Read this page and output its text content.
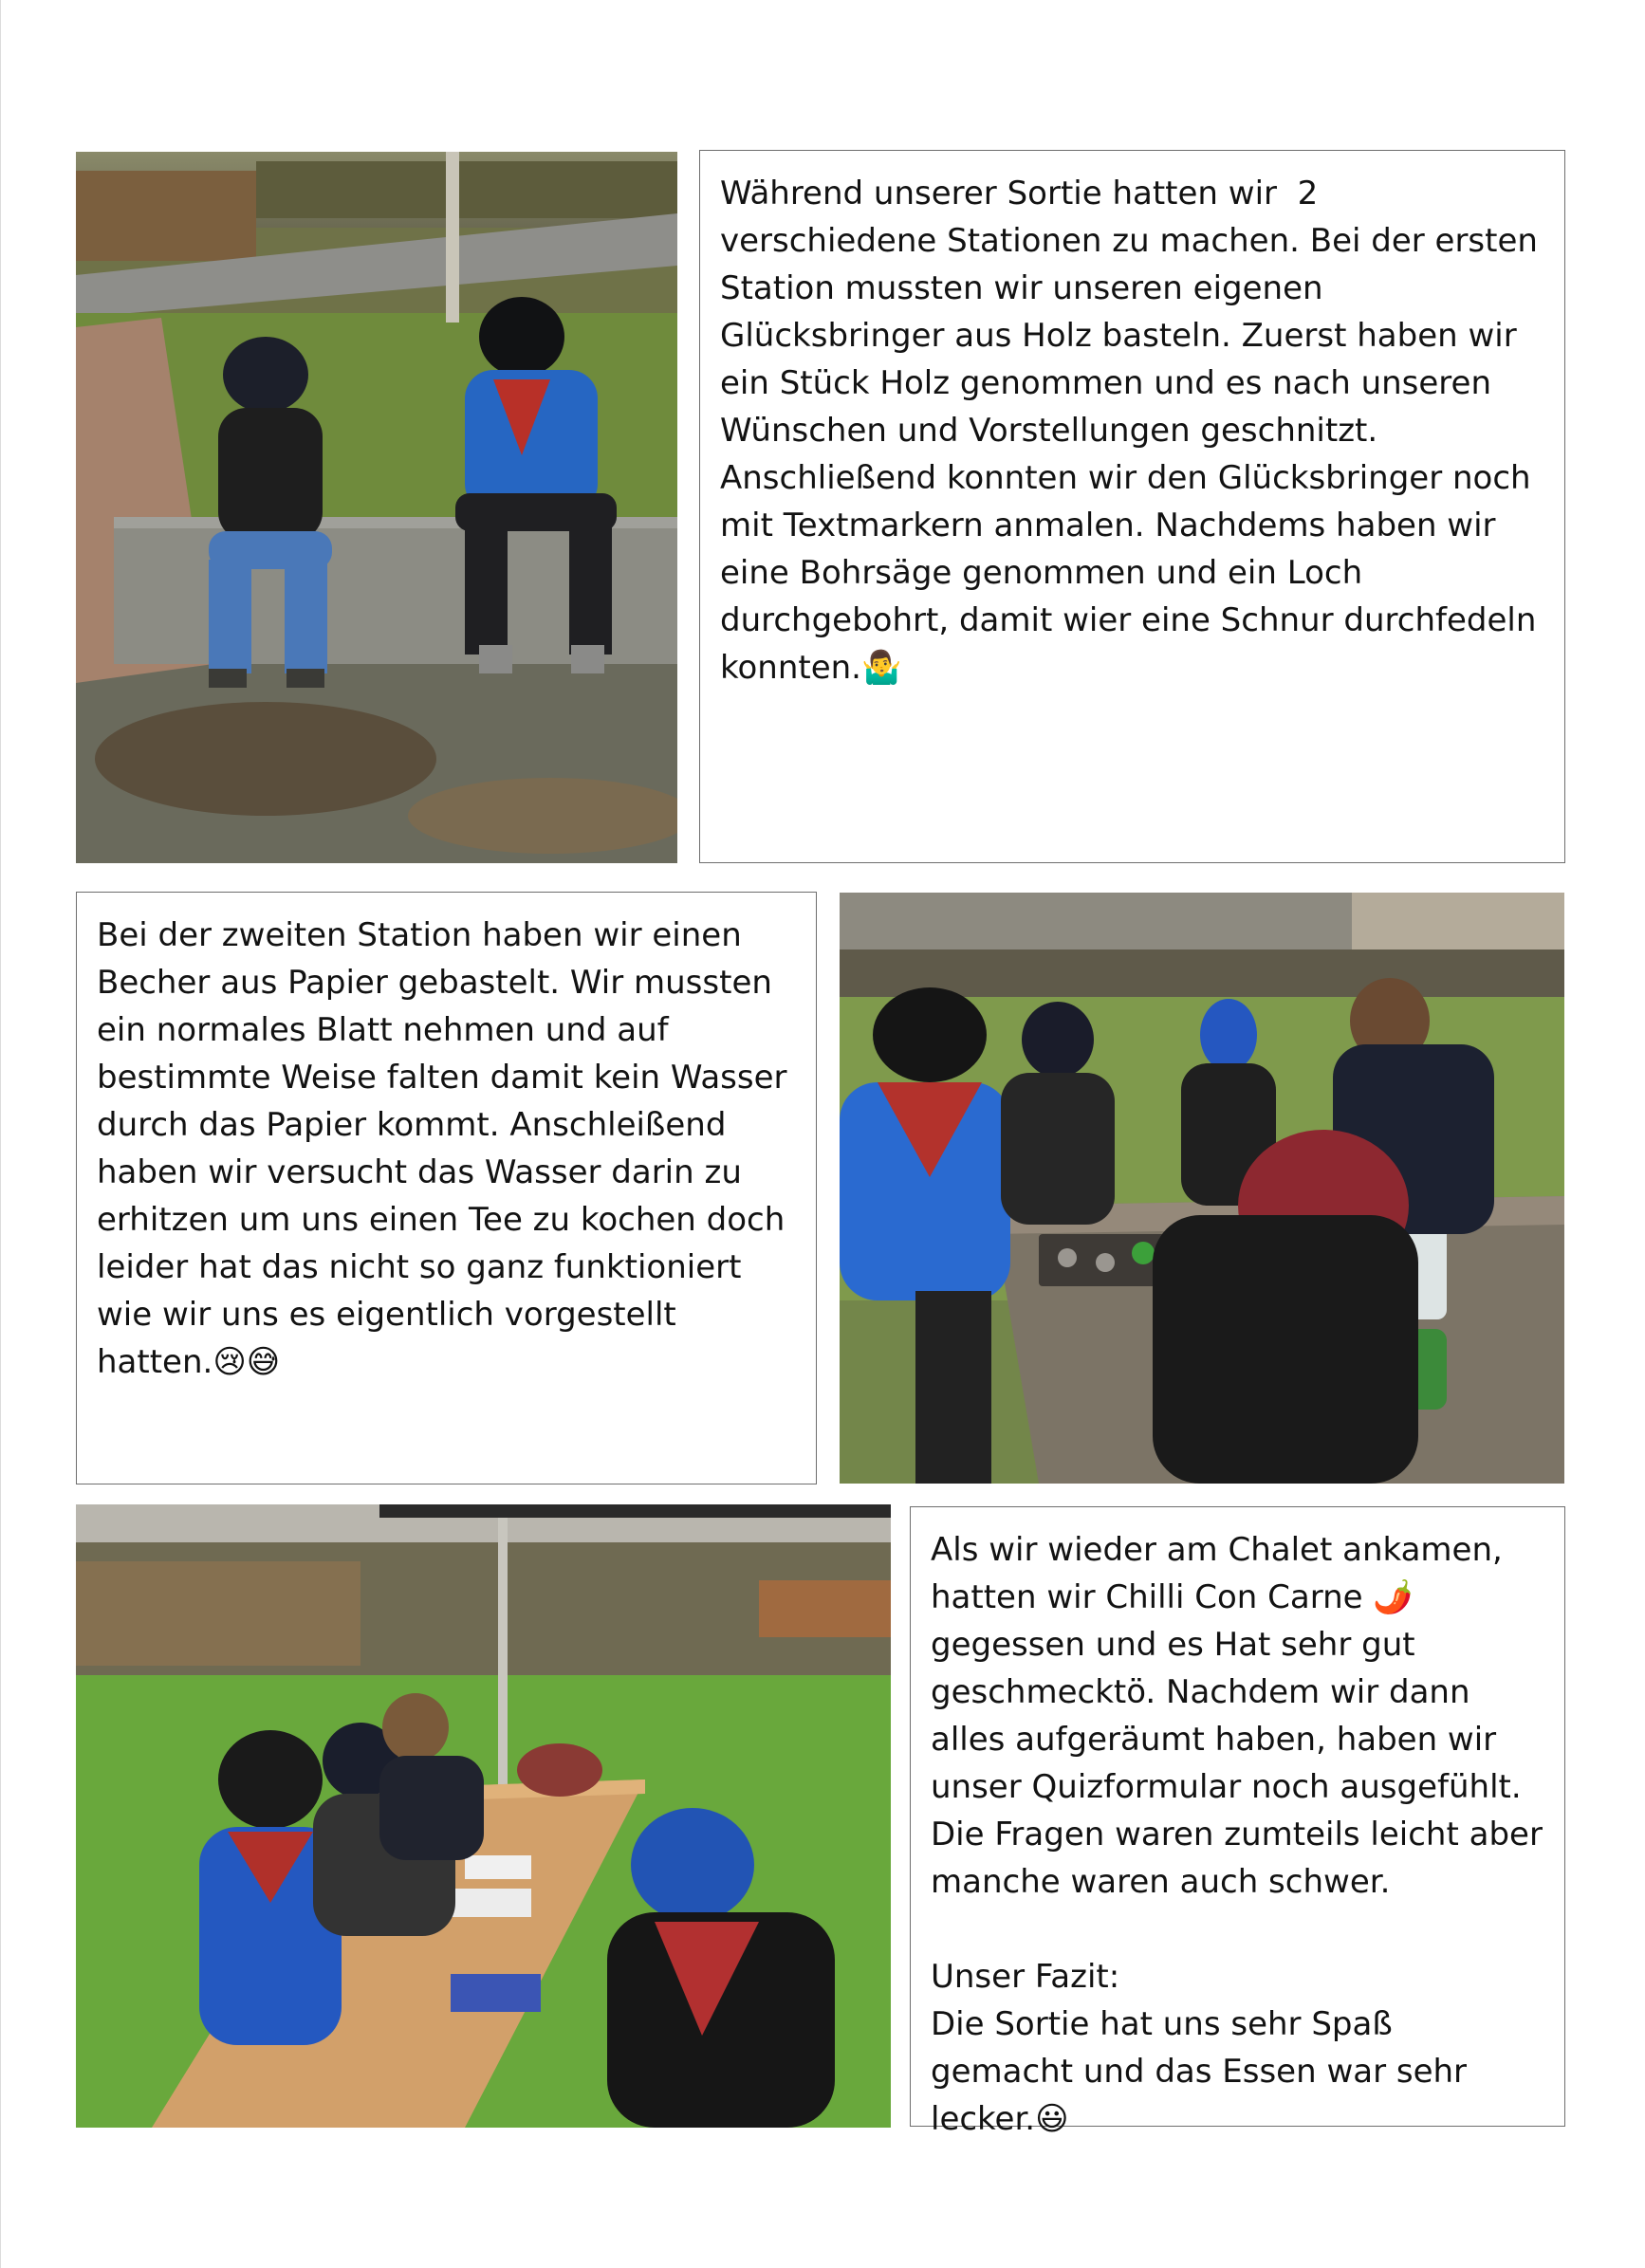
Während unserer Sortie hatten wir  2 verschiedene Stationen zu machen. Bei der ersten Station mussten wir unseren eigenen Glücksbringer aus Holz basteln. Zuerst haben wir ein Stück Holz genommen und es nach unseren Wünschen und Vorstellungen geschnitzt. Anschließend konnten wir den Glücksbringer noch mit Textmarkern anmalen. Nachdems haben wir eine Bohrsäge genommen und ein Loch durchgebohrt, damit wier eine Schnur durchfedeln konnten.🤷‍♂️

Bei der zweiten Station haben wir einen Becher aus Papier gebastelt. Wir mussten ein normales Blatt nehmen und auf bestimmte Weise falten damit kein Wasser durch das Papier kommt. Anschleißend haben wir versucht das Wasser darin zu erhitzen um uns einen Tee zu kochen doch leider hat das nicht so ganz funktioniert wie wir uns es eigentlich vorgestellt hatten.😢😅

Als wir wieder am Chalet ankamen, hatten wir Chilli Con Carne 🌶️ gegessen und es Hat sehr gut geschmecktö. Nachdem wir dann alles aufgeräumt haben, haben wir unser Quizformular noch ausgefühlt. Die Fragen waren zumteils leicht aber manche waren auch schwer.

Unser Fazit:

Die Sortie hat uns sehr Spaß gemacht und das Essen war sehr lecker.😃
